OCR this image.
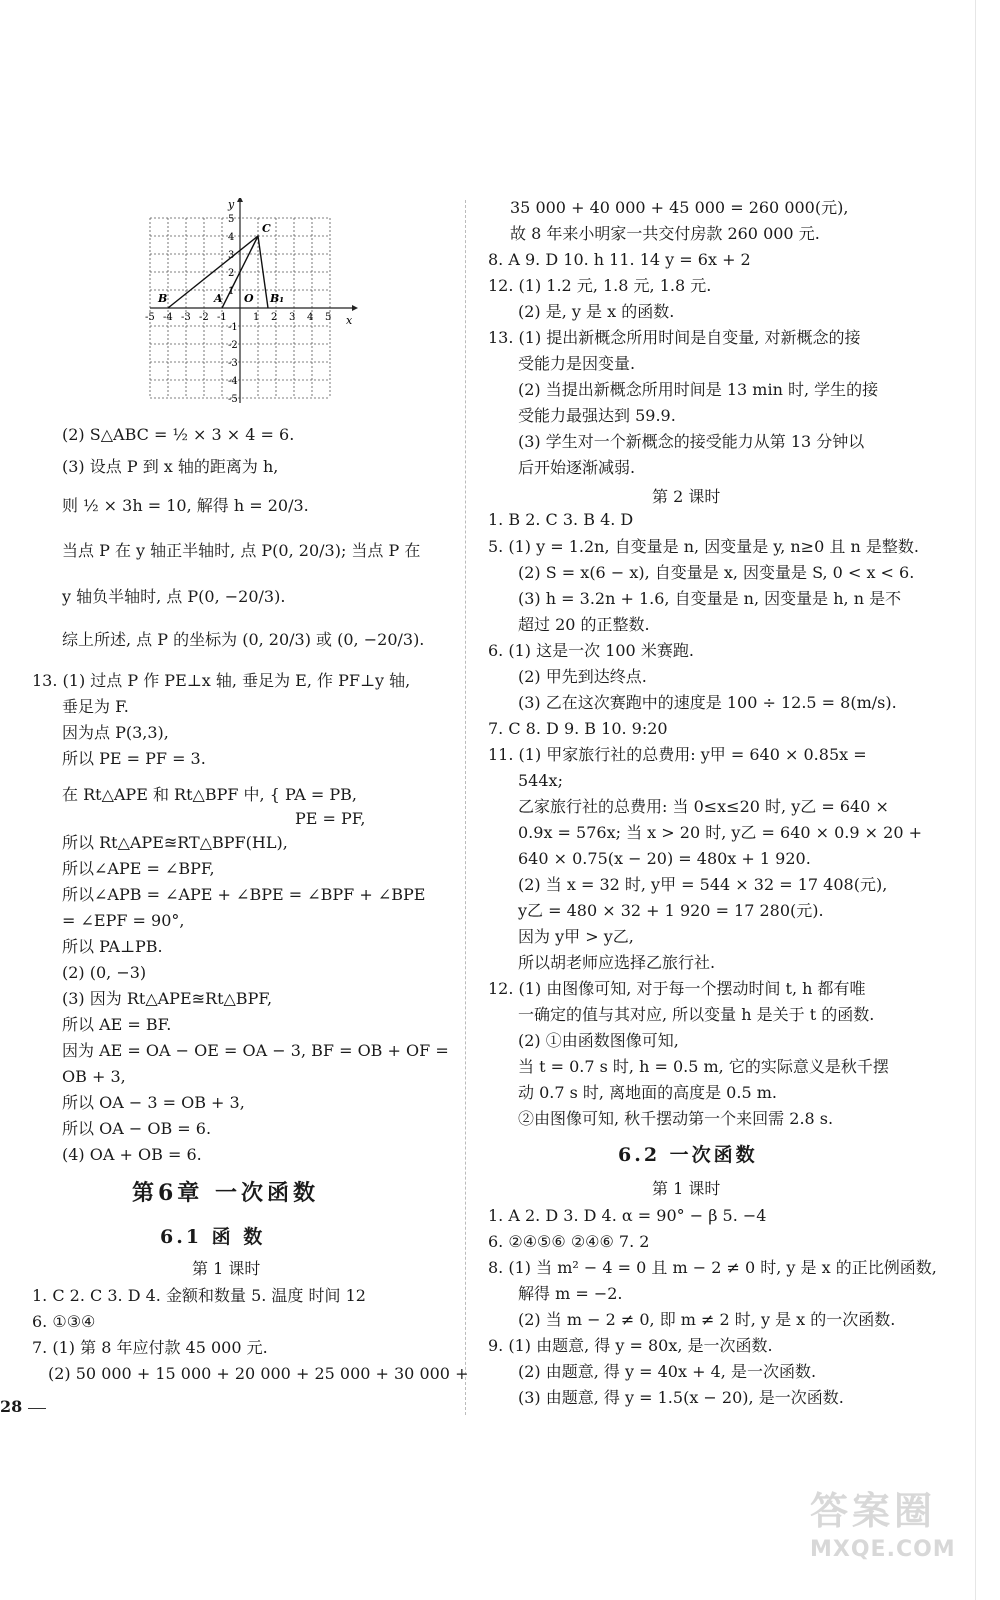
x
y
C
B	A O B₁
-5 -4 -3 -2 -1	1 2 3 4 5
5
4
3
2
1
-1
-2
-3
-4
-5
(2) S△ABC = ½ × 3 × 4 = 6.
(3) 设点 P 到 x 轴的距离为 h,
则 ½ × 3h = 10, 解得 h = 20/3.
当点 P 在 y 轴正半轴时, 点 P(0, 20/3); 当点 P 在
y 轴负半轴时, 点 P(0, −20/3).
综上所述, 点 P 的坐标为 (0, 20/3) 或 (0, −20/3).
13. (1) 过点 P 作 PE⊥x 轴, 垂足为 E, 作 PF⊥y 轴,
垂足为 F.
因为点 P(3,3),
所以 PE = PF = 3.
在 Rt△APE 和 Rt△BPF 中, { PA = PB,
PE = PF,
所以 Rt△APE≊RT△BPF(HL),
所以∠APE = ∠BPF,
所以∠APB = ∠APE + ∠BPE = ∠BPF + ∠BPE
= ∠EPF = 90°,
所以 PA⊥PB.
(2) (0, −3)
(3) 因为 Rt△APE≊Rt△BPF,
所以 AE = BF.
因为 AE = OA − OE = OA − 3, BF = OB + OF =
OB + 3,
所以 OA − 3 = OB + 3,
所以 OA − OB = 6.
(4) OA + OB = 6.
第6章 一次函数
6.1 函 数
第 1 课时
1. C 2. C 3. D 4. 金额和数量 5. 温度 时间 12
6. ①③④
7. (1) 第 8 年应付款 45 000 元.
(2) 50 000 + 15 000 + 20 000 + 25 000 + 30 000 +
35 000 + 40 000 + 45 000 = 260 000(元),
故 8 年来小明家一共交付房款 260 000 元.
8. A 9. D 10. h 11. 14 y = 6x + 2
12. (1) 1.2 元, 1.8 元, 1.8 元.
(2) 是, y 是 x 的函数.
13. (1) 提出新概念所用时间是自变量, 对新概念的接
受能力是因变量.
(2) 当提出新概念所用时间是 13 min 时, 学生的接
受能力最强达到 59.9.
(3) 学生对一个新概念的接受能力从第 13 分钟以
后开始逐渐减弱.
第 2 课时
1. B 2. C 3. B 4. D
5. (1) y = 1.2n, 自变量是 n, 因变量是 y, n≥0 且 n 是整数.
(2) S = x(6 − x), 自变量是 x, 因变量是 S, 0 < x < 6.
(3) h = 3.2n + 1.6, 自变量是 n, 因变量是 h, n 是不
超过 20 的正整数.
6. (1) 这是一次 100 米赛跑.
(2) 甲先到达终点.
(3) 乙在这次赛跑中的速度是 100 ÷ 12.5 = 8(m/s).
7. C 8. D 9. B 10. 9:20
11. (1) 甲家旅行社的总费用: y甲 = 640 × 0.85x =
544x;
乙家旅行社的总费用: 当 0≤x≤20 时, y乙 = 640 ×
0.9x = 576x; 当 x > 20 时, y乙 = 640 × 0.9 × 20 +
640 × 0.75(x − 20) = 480x + 1 920.
(2) 当 x = 32 时, y甲 = 544 × 32 = 17 408(元),
y乙 = 480 × 32 + 1 920 = 17 280(元).
因为 y甲 > y乙,
所以胡老师应选择乙旅行社.
12. (1) 由图像可知, 对于每一个摆动时间 t, h 都有唯
一确定的值与其对应, 所以变量 h 是关于 t 的函数.
(2) ①由函数图像可知,
当 t = 0.7 s 时, h = 0.5 m, 它的实际意义是秋千摆
动 0.7 s 时, 离地面的高度是 0.5 m.
②由图像可知, 秋千摆动第一个来回需 2.8 s.
6.2 一次函数
第 1 课时
1. A 2. D 3. D 4. α = 90° − β 5. −4
6. ②④⑤⑥ ②④⑥ 7. 2
8. (1) 当 m² − 4 = 0 且 m − 2 ≠ 0 时, y 是 x 的正比例函数,
解得 m = −2.
(2) 当 m − 2 ≠ 0, 即 m ≠ 2 时, y 是 x 的一次函数.
9. (1) 由题意, 得 y = 80x, 是一次函数.
(2) 由题意, 得 y = 40x + 4, 是一次函数.
(3) 由题意, 得 y = 1.5(x − 20), 是一次函数.
28
答案圈
MXQE.COM
